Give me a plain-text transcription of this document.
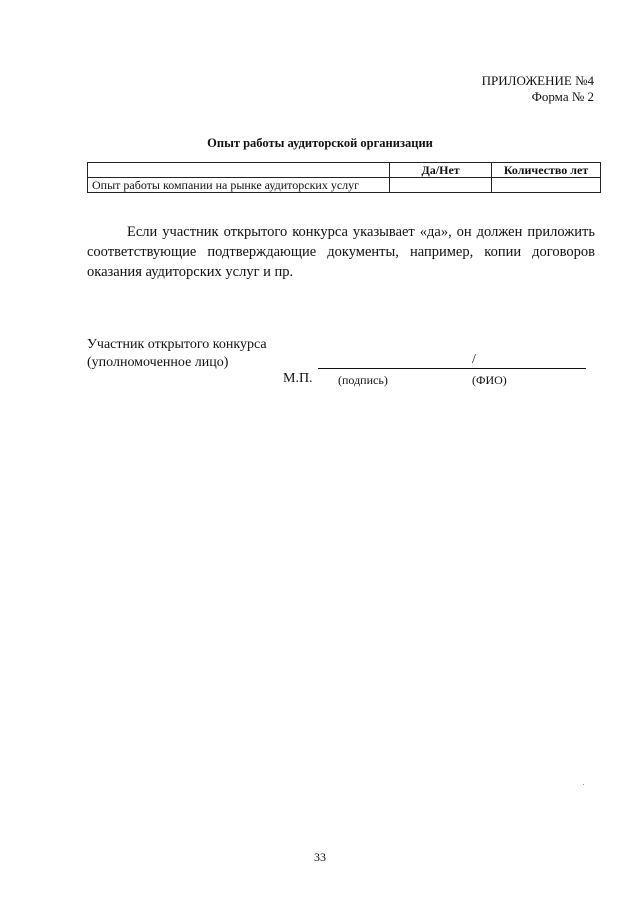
ПРИЛОЖЕНИЕ №4
Форма № 2
Опыт работы аудиторской организации
	Да/Нет	Количество лет
Опыт работы компании на рынке аудиторских услуг		
Если участник открытого конкурса указывает «да», он должен приложить соответствующие подтверждающие документы, например, копии договоров оказания аудиторских услуг и пр.
Участник открытого конкурса
(уполномоченное лицо)	/
М.П. (подпись)	(ФИО)
33
